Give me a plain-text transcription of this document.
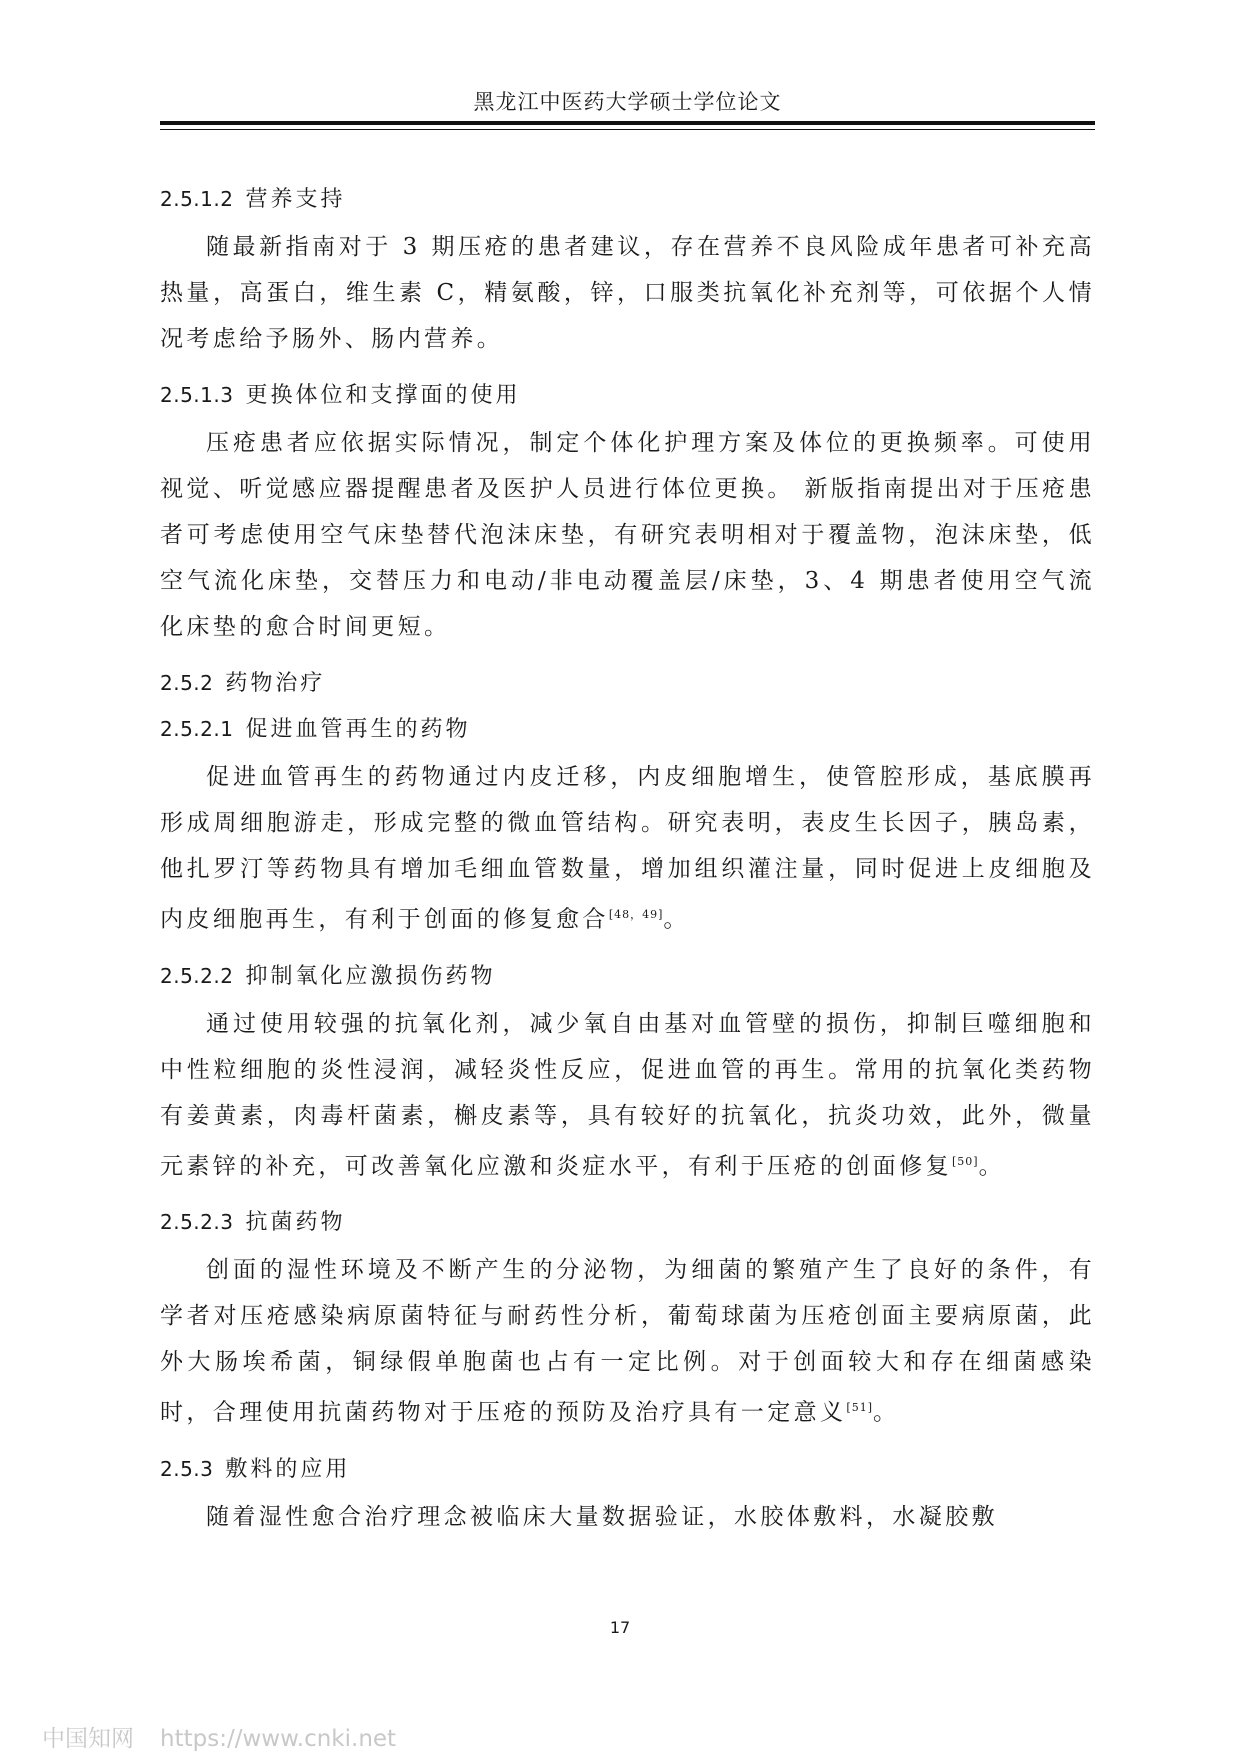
黑龙江中医药大学硕士学位论文
2.5.1.2 营养支持

随最新指南对于 3 期压疮的患者建议，存在营养不良风险成年患者可补充高热量，高蛋白，维生素 C，精氨酸，锌，口服类抗氧化补充剂等，可依据个人情况考虑给予肠外、肠内营养。

2.5.1.3 更换体位和支撑面的使用

压疮患者应依据实际情况，制定个体化护理方案及体位的更换频率。可使用视觉、听觉感应器提醒患者及医护人员进行体位更换。 新版指南提出对于压疮患者可考虑使用空气床垫替代泡沫床垫，有研究表明相对于覆盖物，泡沫床垫，低空气流化床垫，交替压力和电动/非电动覆盖层/床垫，3、4 期患者使用空气流化床垫的愈合时间更短。

2.5.2 药物治疗
2.5.2.1 促进血管再生的药物

促进血管再生的药物通过内皮迁移，内皮细胞增生，使管腔形成，基底膜再形成周细胞游走，形成完整的微血管结构。研究表明，表皮生长因子，胰岛素，他扎罗汀等药物具有增加毛细血管数量，增加组织灌注量，同时促进上皮细胞及内皮细胞再生，有利于创面的修复愈合[48，49]。

2.5.2.2 抑制氧化应激损伤药物

通过使用较强的抗氧化剂，减少氧自由基对血管壁的损伤，抑制巨噬细胞和中性粒细胞的炎性浸润，减轻炎性反应，促进血管的再生。常用的抗氧化类药物有姜黄素，肉毒杆菌素，槲皮素等，具有较好的抗氧化，抗炎功效，此外，微量元素锌的补充，可改善氧化应激和炎症水平，有利于压疮的创面修复[50]。

2.5.2.3 抗菌药物

创面的湿性环境及不断产生的分泌物，为细菌的繁殖产生了良好的条件，有学者对压疮感染病原菌特征与耐药性分析，葡萄球菌为压疮创面主要病原菌，此外大肠埃希菌，铜绿假单胞菌也占有一定比例。对于创面较大和存在细菌感染时，合理使用抗菌药物对于压疮的预防及治疗具有一定意义[51]。

2.5.3 敷料的应用

随着湿性愈合治疗理念被临床大量数据验证，水胶体敷料，水凝胶敷

17
中国知网 https://www.cnki.net
